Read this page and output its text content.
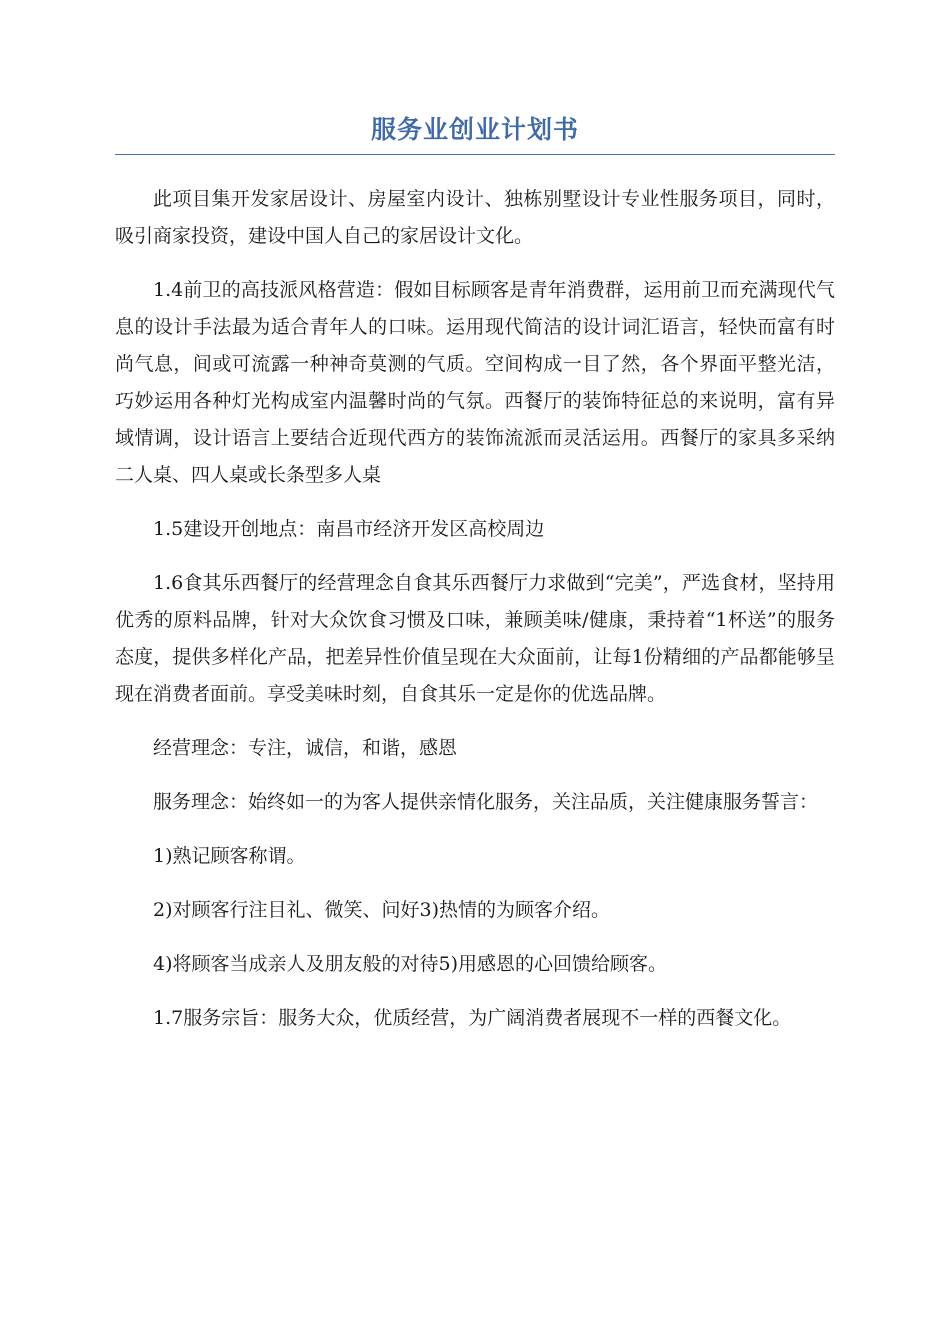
服务业创业计划书

此项目集开发家居设计、房屋室内设计、独栋别墅设计专业性服务项目，同时，吸引商家投资，建设中国人自己的家居设计文化。

1.4前卫的高技派风格营造：假如目标顾客是青年消费群，运用前卫而充满现代气息的设计手法最为适合青年人的口味。运用现代简洁的设计词汇语言，轻快而富有时尚气息，间或可流露一种神奇莫测的气质。空间构成一目了然，各个界面平整光洁，巧妙运用各种灯光构成室内温馨时尚的气氛。西餐厅的装饰特征总的来说明，富有异域情调，设计语言上要结合近现代西方的装饰流派而灵活运用。西餐厅的家具多采纳二人桌、四人桌或长条型多人桌

1.5建设开创地点：南昌市经济开发区高校周边

1.6食其乐西餐厅的经营理念自食其乐西餐厅力求做到“完美”，严选食材，坚持用优秀的原料品牌，针对大众饮食习惯及口味，兼顾美味/健康，秉持着“1杯送”的服务态度，提供多样化产品，把差异性价值呈现在大众面前，让每1份精细的产品都能够呈现在消费者面前。享受美味时刻，自食其乐一定是你的优选品牌。

经营理念：专注，诚信，和谐，感恩

服务理念：始终如一的为客人提供亲情化服务，关注品质，关注健康服务誓言：

1)熟记顾客称谓。

2)对顾客行注目礼、微笑、问好3)热情的为顾客介绍。

4)将顾客当成亲人及朋友般的对待5)用感恩的心回馈给顾客。

1.7服务宗旨：服务大众，优质经营，为广阔消费者展现不一样的西餐文化。
